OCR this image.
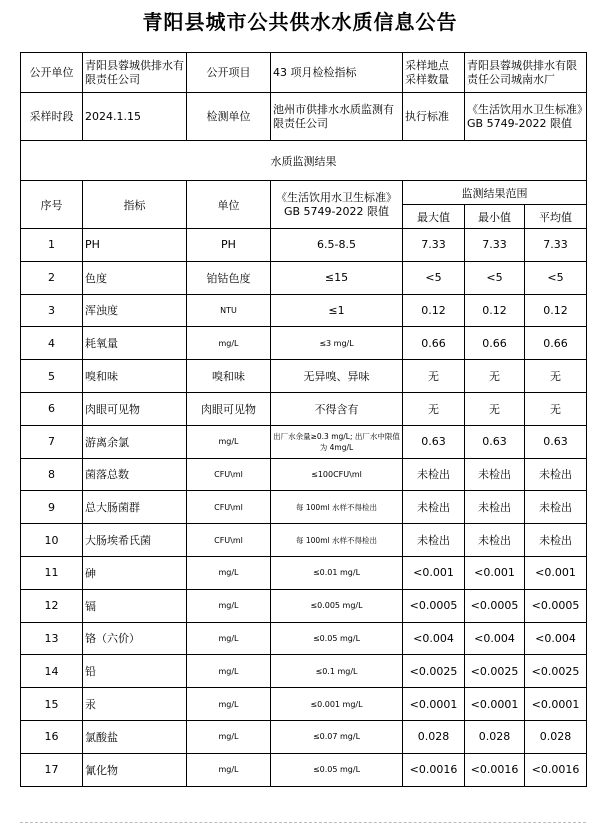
青阳县城市公共供水水质信息公告
公开单位	青阳县蓉城供排水有限责任公司	公开项目	43 项月检检指标	采样地点 采样数量	青阳县蓉城供排水有限责任公司城南水厂	
采样时段	2024.1.15	检测单位	池州市供排水水质监测有限责任公司	执行标准	《生活饮用水卫生标准》GB 5749-2022 限值	
水质监测结果						
序号	指标	单位	《生活饮用水卫生标准》GB 5749-2022 限值	监测结果范围		
				最大值	最小值	平均值
1	PH	PH	6.5-8.5	7.33	7.33	7.33
2	色度	铂钴色度	≤15	<5	<5	<5
3	浑浊度	NTU	≤1	0.12	0.12	0.12
4	耗氧量	mg/L	≤3 mg/L	0.66	0.66	0.66
5	嗅和味	嗅和味	无异嗅、异味	无	无	无
6	肉眼可见物	肉眼可见物	不得含有	无	无	无
7	游离余氯	mg/L	出厂水余量≥0.3 mg/L; 出厂水中限值为 4mg/L	0.63	0.63	0.63
8	菌落总数	CFU\ml	≤100CFU\ml	未检出	未检出	未检出
9	总大肠菌群	CFU\ml	每 100ml 水样不得检出	未检出	未检出	未检出
10	大肠埃希氏菌	CFU\ml	每 100ml 水样不得检出	未检出	未检出	未检出
11	砷	mg/L	≤0.01 mg/L	<0.001	<0.001	<0.001
12	镉	mg/L	≤0.005 mg/L	<0.0005	<0.0005	<0.0005
13	铬（六价）	mg/L	≤0.05 mg/L	<0.004	<0.004	<0.004
14	铅	mg/L	≤0.1 mg/L	<0.0025	<0.0025	<0.0025
15	汞	mg/L	≤0.001 mg/L	<0.0001	<0.0001	<0.0001
16	氯酸盐	mg/L	≤0.07 mg/L	0.028	0.028	0.028
17	氰化物	mg/L	≤0.05 mg/L	<0.0016	<0.0016	<0.0016
